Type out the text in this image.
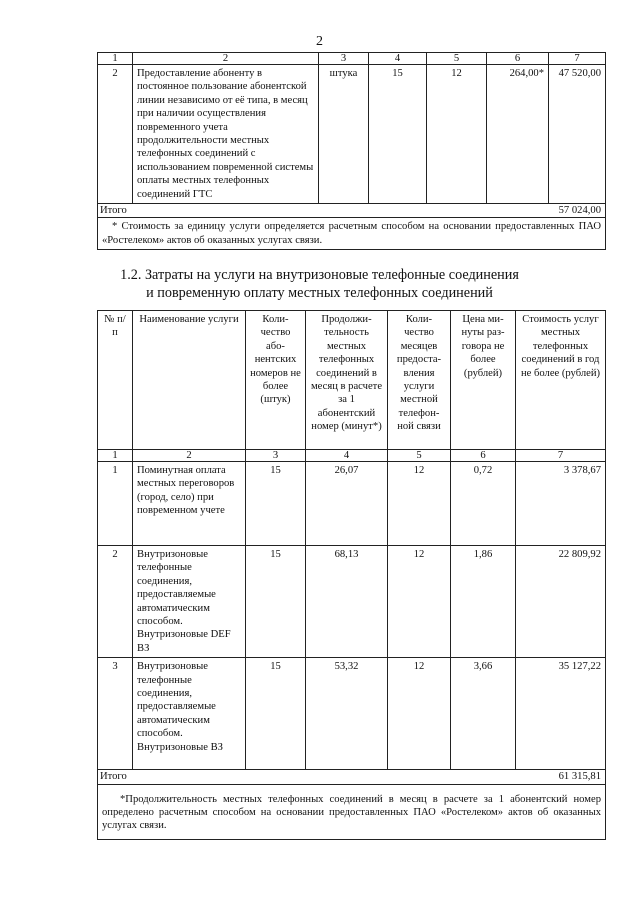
2
1	2	3	4	5	6	7
2	Предоставление абоненту в постоянное пользование абонентской линии независимо от её типа, в месяц при наличии осуществления повременного учета продолжительности местных телефонных соединений с использованием повременной системы оплаты местных телефонных соединений ГТС	штука	15	12	264,00*	47 520,00
Итого						57 024,00
* Стоимость за единицу услуги определяется расчетным способом на основании предоставленных ПАО «Ростелеком» актов об оказанных услугах связи.						
1.2. Затраты на услуги на внутризоновые телефонные соединения
и повременную оплату местных телефонных соединений
№ п/п	Наименование услуги	Коли-чество або-нентских номеров не более (штук)	Продолжи-тельность местных телефонных соединений в месяц в расчете за 1 абонентский номер (минут*)	Коли-чество месяцев предоста-вления услуги местной телефон-ной связи	Цена ми-нуты раз-говора не более (рублей)	Стоимость услуг местных телефонных соединений в год не более (рублей)
1	2	3	4	5	6	7
1	Поминутная оплата местных переговоров (город, село) при повременном учете	15	26,07	12	0,72	3 378,67
2	Внутризоновые телефонные соединения, предоставляемые автоматическим способом. Внутризоновые DEF ВЗ	15	68,13	12	1,86	22 809,92
3	Внутризоновые телефонные соединения, предоставляемые автоматическим способом. Внутризоновые ВЗ	15	53,32	12	3,66	35 127,22
Итого						61 315,81
*Продолжительность местных телефонных соединений в месяц в расчете за 1 абонентский номер определено расчетным способом на основании предоставленных ПАО «Ростелеком» актов об оказанных услугах связи.						
